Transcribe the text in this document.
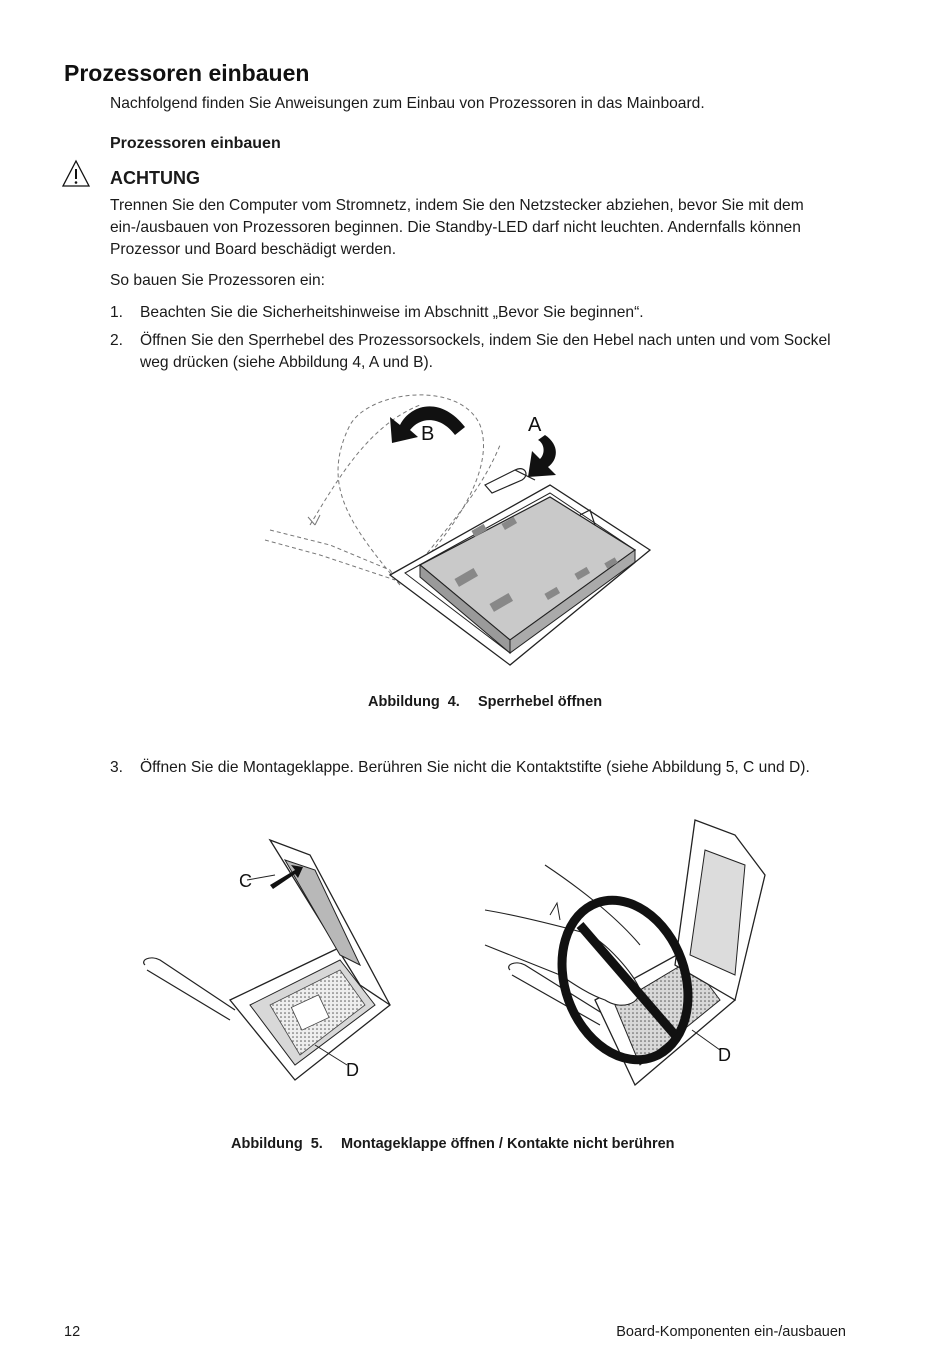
Prozessoren einbauen

Nachfolgend finden Sie Anweisungen zum Einbau von Prozessoren in das Mainboard.

Prozessoren einbauen

ACHTUNG

Trennen Sie den Computer vom Stromnetz, indem Sie den Netzstecker abziehen, bevor Sie mit dem ein-/ausbauen von Prozessoren beginnen. Die Standby-LED darf nicht leuchten. Andernfalls können Prozessor und Board beschädigt werden.

So bauen Sie Prozessoren ein:

1. Beachten Sie die Sicherheitshinweise im Abschnitt „Bevor Sie beginnen“.
2. Öffnen Sie den Sperrhebel des Prozessorsockels, indem Sie den Hebel nach unten und vom Sockel weg drücken (siehe Abbildung 4, A und B).
B	A
Abbildung  4. Sperrhebel öffnen
3. Öffnen Sie die Montageklappe. Berühren Sie nicht die Kontaktstifte (siehe Abbildung 5, C und D).
C
D
D
Abbildung  5. Montageklappe öffnen / Kontakte nicht berühren
12	Board-Komponenten ein-/ausbauen
